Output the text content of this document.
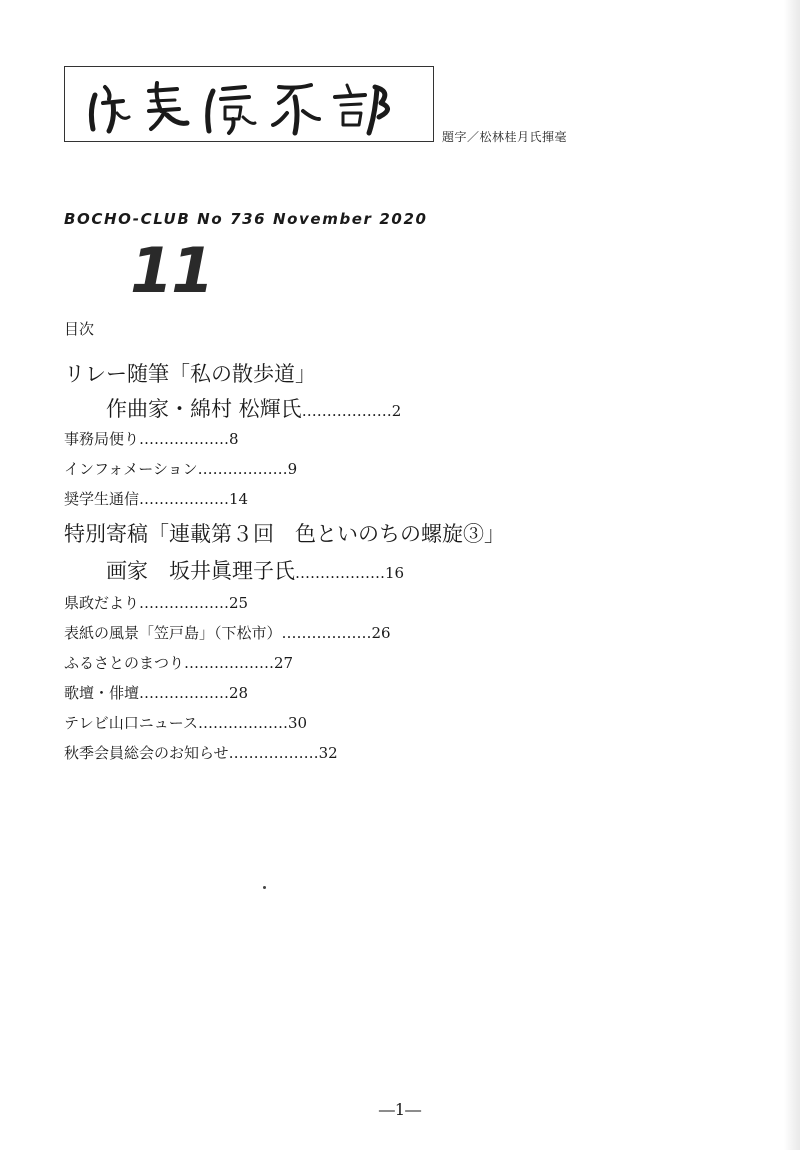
題字／松林桂月氏揮毫
BOCHO-CLUB No 736 November 2020
11
目次
リレー随筆「私の散歩道」
　　作曲家・綿村 松輝氏………………2
事務局便り………………8
インフォメーション………………9
奨学生通信………………14
特別寄稿「連載第３回　色といのちの螺旋③」
　　画家　坂井眞理子氏………………16
県政だより………………25
表紙の風景「笠戸島」（下松市）………………26
ふるさとのまつり………………27
歌壇・俳壇………………28
テレビ山口ニュース………………30
秋季会員総会のお知らせ………………32
―1―
